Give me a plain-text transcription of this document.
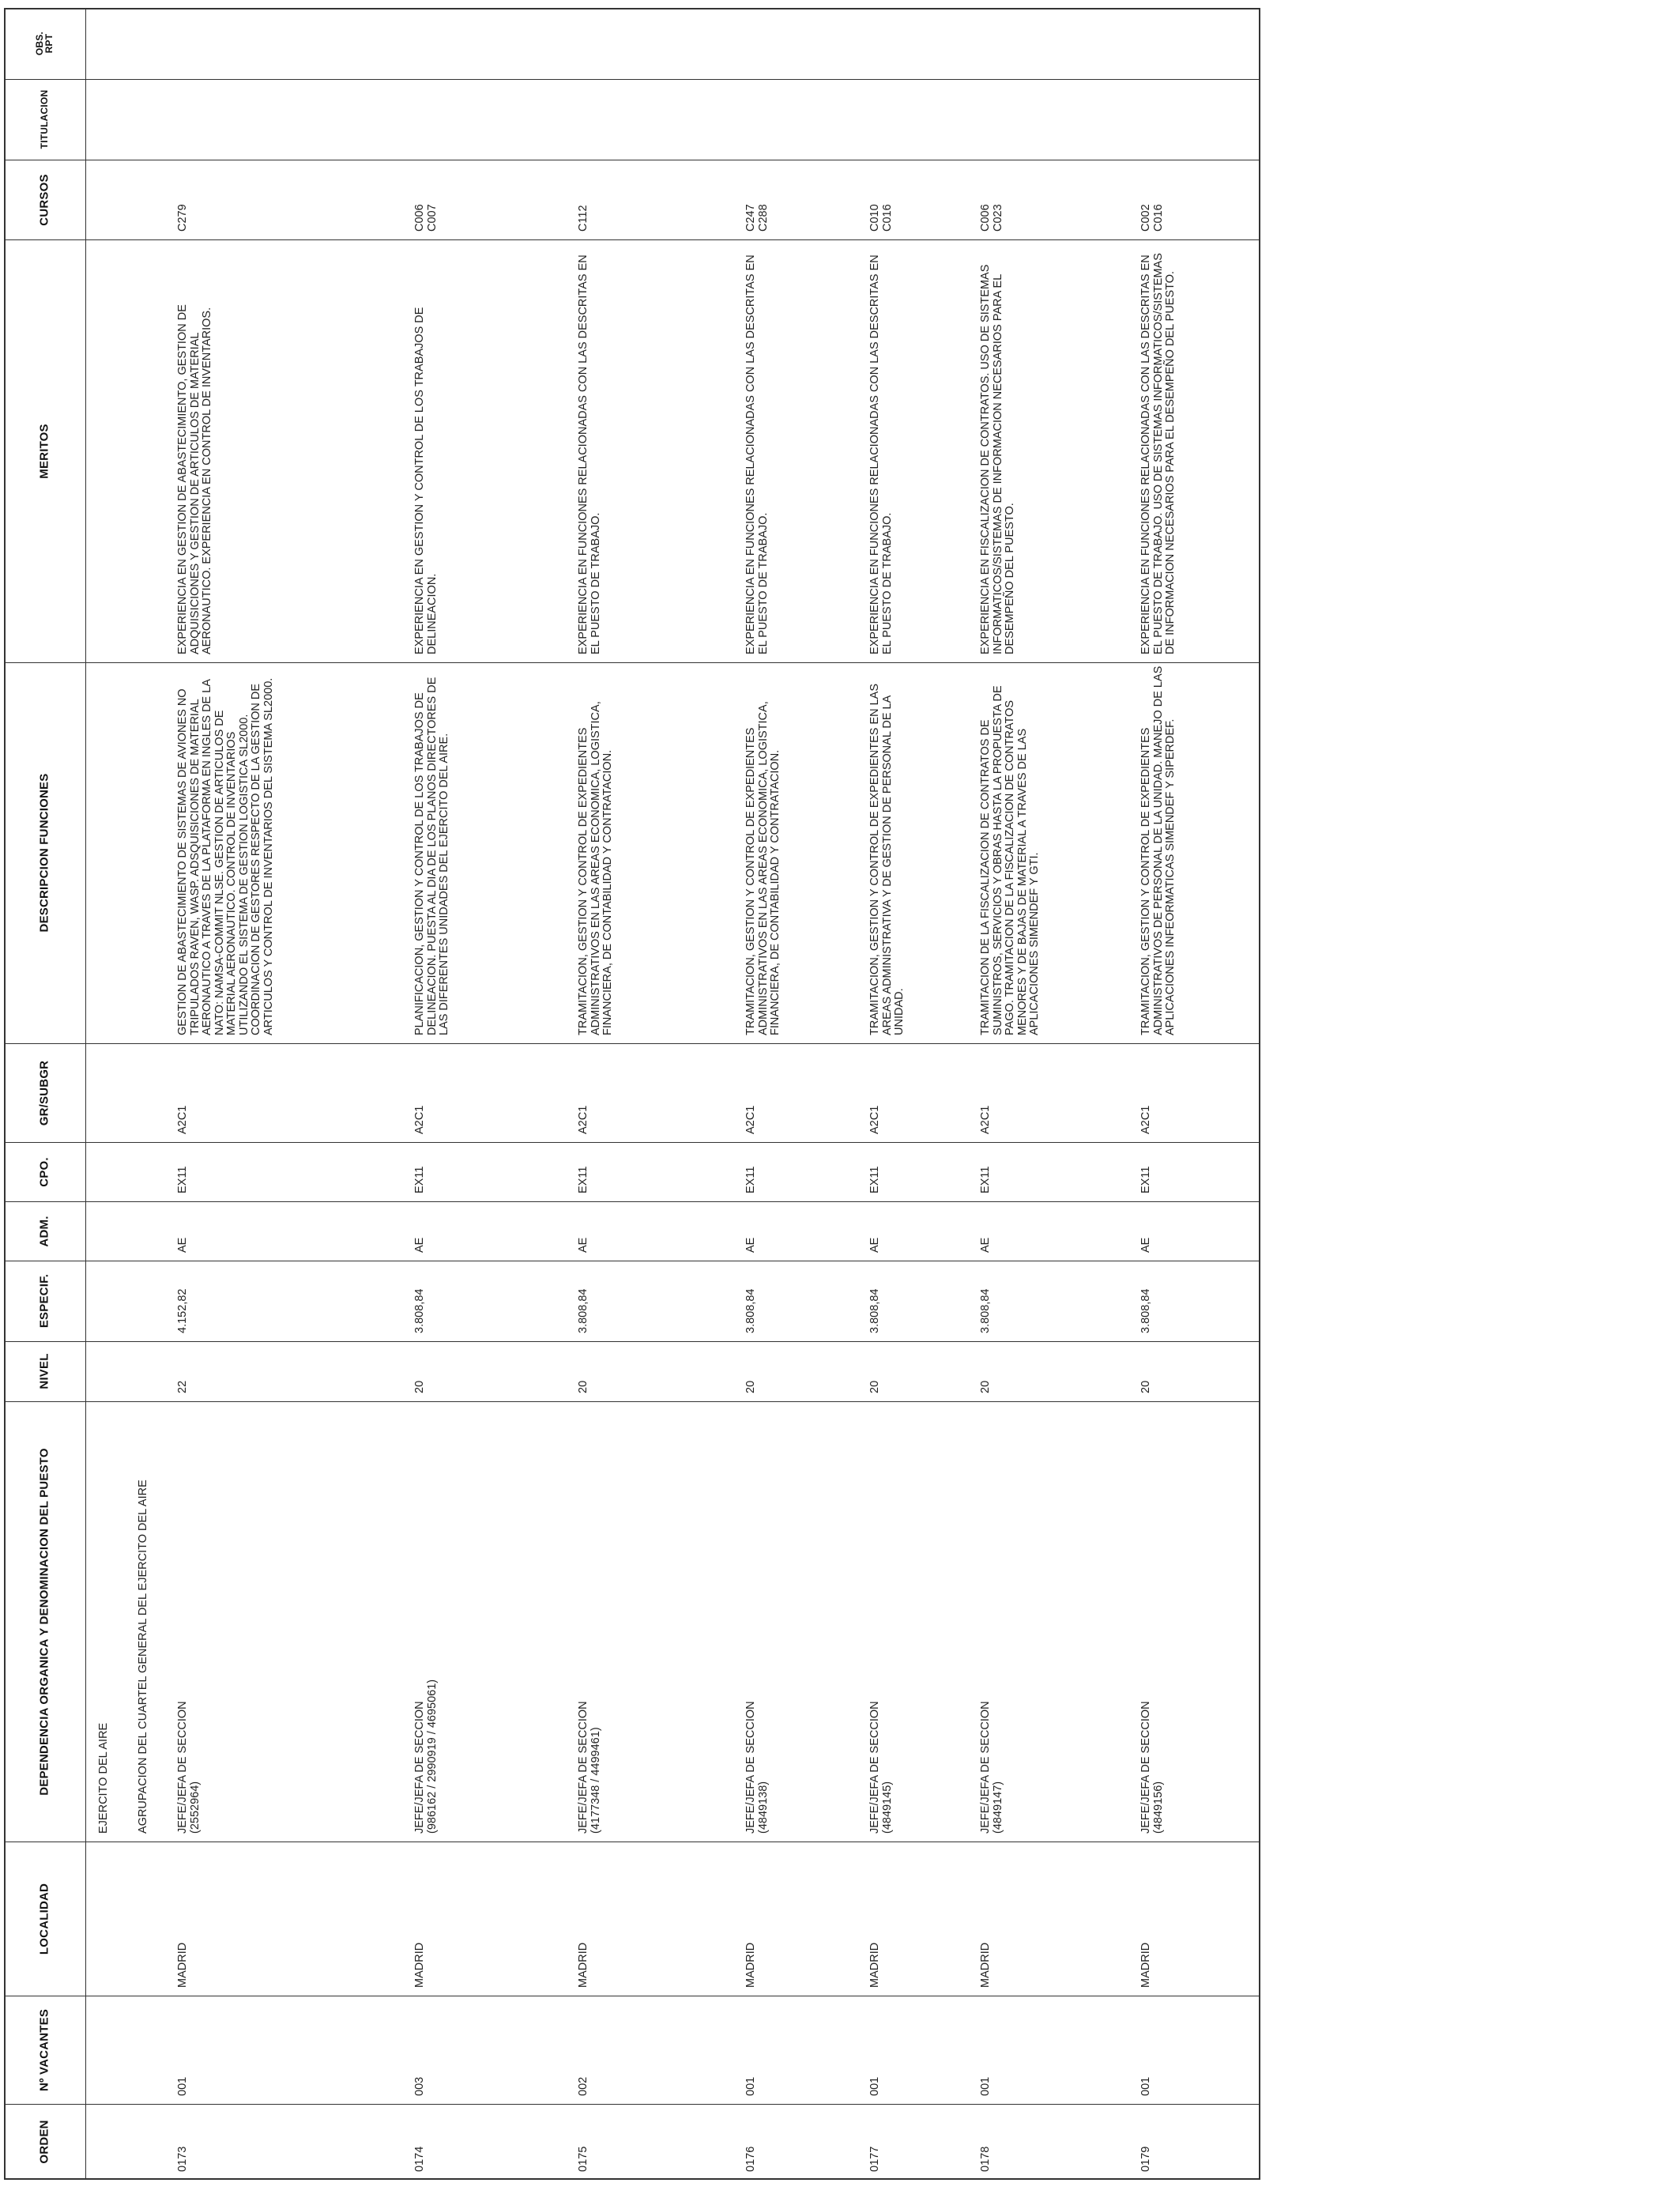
OBS.
RPT
TITULACION
CURSOS
MERITOS
DESCRIPCION FUNCIONES
GR/SUBGR
CPO.
ADM.
ESPECIF.
NIVEL
DEPENDENCIA ORGANICA Y DENOMINACION DEL PUESTO
LOCALIDAD
Nº VACANTES
ORDEN
EJERCITO DEL AIRE AGRUPACION DEL CUARTEL GENERAL DEL EJERCITO DEL AIRE
0173
001
MADRID
JEFE/JEFA DE SECCION (2552964)
22
4.152,82
AE
EX11
A2C1
GESTION DE ABASTECIMIENTO DE SISTEMAS DE AVIONES NO TRIPULADOS RAVEN, WASP. ADSQUISICIONES DE MATERIAL AERONAUTICO A TRAVES DE LA PLATAFORMA EN INGLES DE LA NATO: NAMSA-COMMIT NLSE. GESTION DE ARTICULOS DE MATERIAL AERONAUTICO. CONTROL DE INVENTARIOS UTILIZANDO EL SISTEMA DE GESTION LOGISTICA SL2000. COORDINACION DE GESTORES RESPECTO DE LA GESTION DE ARTICULOS Y CONTROL DE INVENTARIOS DEL SISTEMA SL2000.
EXPERIENCIA EN GESTION DE ABASTECIMIENTO, GESTION DE ADQUISICIONES Y GESTION DE ARTICULOS DE MATERIAL AERONAUTICO. EXPERIENCIA EN CONTROL DE INVENTARIOS.
C279
0174
003
MADRID
JEFE/JEFA DE SECCION (986162 / 2990919 / 4695061)
20
3.808,84
AE
EX11
A2C1
PLANIFICACION, GESTION Y CONTROL DE LOS TRABAJOS DE DELINEACION. PUESTA AL DIA DE LOS PLANOS DIRECTORES DE LAS DIFERENTES UNIDADES DEL EJERCITO DEL AIRE.
EXPERIENCIA EN GESTION Y CONTROL DE LOS TRABAJOS DE DELINEACION.
C006 C007
0175
002
MADRID
JEFE/JEFA DE SECCION (4177348 / 4499461)
20
3.808,84
AE
EX11
A2C1
TRAMITACION, GESTION Y CONTROL DE EXPEDIENTES ADMINISTRATIVOS EN LAS AREAS ECONOMICA, LOGISTICA, FINANCIERA, DE CONTABILIDAD Y CONTRATACION.
EXPERIENCIA EN FUNCIONES RELACIONADAS CON LAS DESCRITAS EN EL PUESTO DE TRABAJO.
C112
0176
001
MADRID
JEFE/JEFA DE SECCION (4849138)
20
3.808,84
AE
EX11
A2C1
TRAMITACION, GESTION Y CONTROL DE EXPEDIENTES ADMINISTRATIVOS EN LAS AREAS ECONOMICA, LOGISTICA, FINANCIERA, DE CONTABILIDAD Y CONTRATACION.
EXPERIENCIA EN FUNCIONES RELACIONADAS CON LAS DESCRITAS EN EL PUESTO DE TRABAJO.
C247 C288
0177
001
MADRID
JEFE/JEFA DE SECCION (4849145)
20
3.808,84
AE
EX11
A2C1
TRAMITACION, GESTION Y CONTROL DE EXPEDIENTES EN LAS AREAS ADMINISTRATIVA Y DE GESTION DE PERSONAL DE LA UNIDAD.
EXPERIENCIA EN FUNCIONES RELACIONADAS CON LAS DESCRITAS EN EL PUESTO DE TRABAJO.
C010 C016
0178
001
MADRID
JEFE/JEFA DE SECCION (4849147)
20
3.808,84
AE
EX11
A2C1
TRAMITACION DE LA FISCALIZACION DE CONTRATOS DE SUMINISTROS, SERVICIOS Y OBRAS HASTA LA PROPUESTA DE PAGO. TRAMITACION DE LA FISCALIZACION DE CONTRATOS MENORES Y DE BAJAS DE MATERIAL A TRAVES DE LAS APLICACIONES SIMENDEF Y GTI.
EXPERIENCIA EN FISCALIZACION DE CONTRATOS. USO DE SISTEMAS INFORMATICOS/SISTEMAS DE INFORMACION NECESARIOS PARA EL DESEMPEÑO DEL PUESTO.
C006 C023
0179
001
MADRID
JEFE/JEFA DE SECCION (4849156)
20
3.808,84
AE
EX11
A2C1
TRAMITACION, GESTION Y CONTROL DE EXPEDIENTES ADMINISTRATIVOS DE PERSONAL DE LA UNIDAD. MANEJO DE LAS APLICACIONES INFEORMATICAS SIMENDEF Y SIPERDEF.
EXPERIENCIA EN FUNCIONES RELACIONADAS CON LAS DESCRITAS EN EL PUESTO DE TRABAJO. USO DE SISTEMAS INFORMATICOS/SISTEMAS DE INFORMACION NECESARIOS PARA EL DESEMPEÑO DEL PUESTO.
C002 C016
